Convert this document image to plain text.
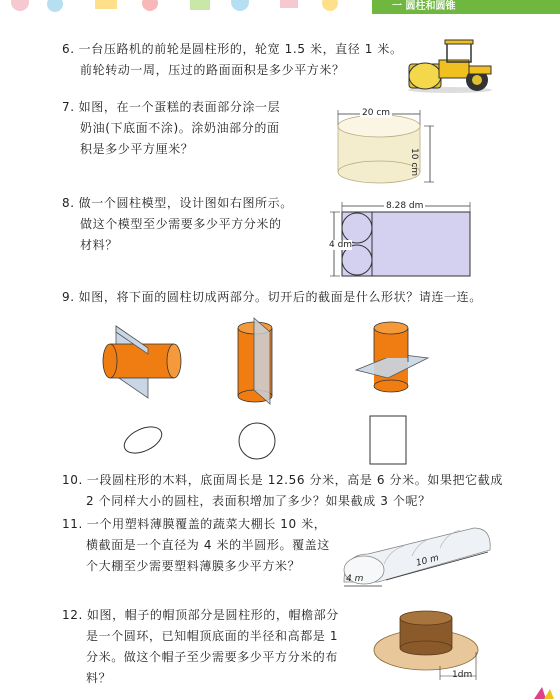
一 圆柱和圆锥
6. 一台压路机的前轮是圆柱形的，轮宽 1.5 米，直径 1 米。
前轮转动一周，压过的路面面积是多少平方米？
7. 如图，在一个蛋糕的表面部分涂一层
奶油(下底面不涂)。涂奶油部分的面
积是多少平方厘米？
20 cm
10 cm
8. 做一个圆柱模型，设计图如右图所示。
做这个模型至少需要多少平方分米的
材料？
8.28 dm
4 dm
9. 如图，将下面的圆柱切成两部分。切开后的截面是什么形状？请连一连。
10. 一段圆柱形的木料，底面周长是 12.56 分米，高是 6 分米。如果把它截成
2 个同样大小的圆柱，表面积增加了多少？如果截成 3 个呢？
11. 一个用塑料薄膜覆盖的蔬菜大棚长 10 米，
横截面是一个直径为 4 米的半圆形。覆盖这
个大棚至少需要塑料薄膜多少平方米？	10 m
4 m
12. 如图，帽子的帽顶部分是圆柱形的，帽檐部分
是一个圆环，已知帽顶底面的半径和高都是 1
分米。做这个帽子至少需要多少平方分米的布
料？	1dm
